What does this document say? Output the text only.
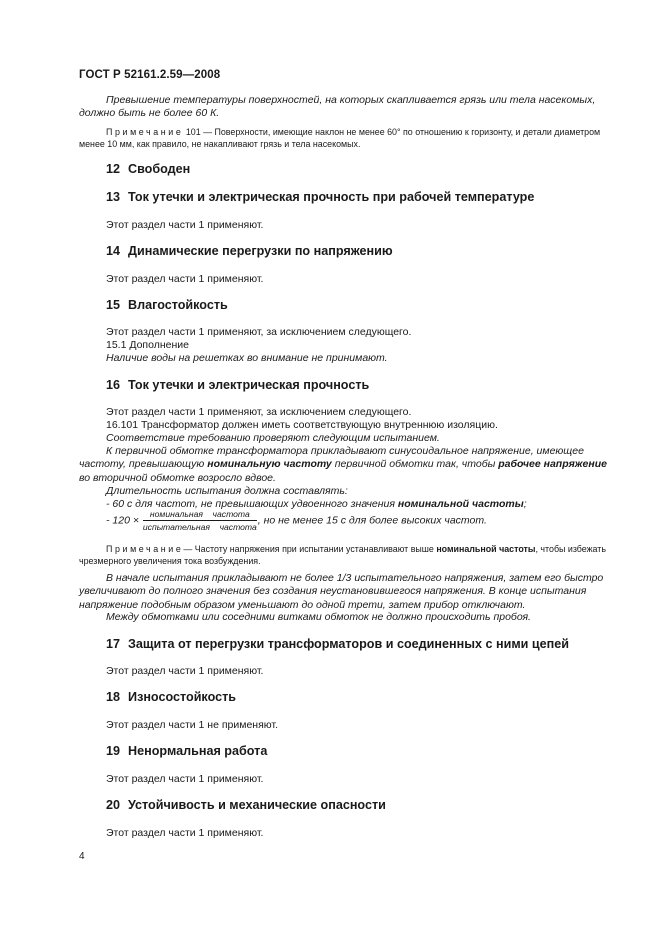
ГОСТ Р 52161.2.59—2008
Превышение температуры поверхностей, на которых скапливается грязь или тела насекомых, должно быть не более 60 К.
Примечание 101 — Поверхности, имеющие наклон не менее 60° по отношению к горизонту, и детали диаметром менее 10 мм, как правило, не накапливают грязь и тела насекомых.
12 Свободен
13 Ток утечки и электрическая прочность при рабочей температуре
Этот раздел части 1 применяют.
14 Динамические перегрузки по напряжению
Этот раздел части 1 применяют.
15 Влагостойкость
Этот раздел части 1 применяют, за исключением следующего.
15.1 Дополнение
Наличие воды на решетках во внимание не принимают.
16 Ток утечки и электрическая прочность
Этот раздел части 1 применяют, за исключением следующего.
16.101 Трансформатор должен иметь соответствующую внутреннюю изоляцию.
Соответствие требованию проверяют следующим испытанием.
К первичной обмотке трансформатора прикладывают синусоидальное напряжение, имеющее частоту, превышающую номинальную частоту первичной обмотки так, чтобы рабочее напряжение во вторичной обмотке возросло вдвое.
Длительность испытания должна составлять:
- 60 с для частот, не превышающих удвоенного значения номинальной частоты;
- $120 \times \frac{\text{номинальная частота}}{\text{испытательная частота}}$ , но не менее 15 с для более высоких частот.
Примечание— Частоту напряжения при испытании устанавливают выше номинальной частоты, чтобы избежать чрезмерного увеличения тока возбуждения.
В начале испытания прикладывают не более 1/3 испытательного напряжения, затем его быстро увеличивают до полного значения без создания неустановившегося напряжения. В конце испытания напряжение подобным образом уменьшают до одной трети, затем прибор отключают.
Между обмотками или соседними витками обмоток не должно происходить пробоя.
17 Защита от перегрузки трансформаторов и соединенных с ними цепей
Этот раздел части 1 применяют.
18 Износостойкость
Этот раздел части 1 не применяют.
19 Ненормальная работа
Этот раздел части 1 применяют.
20 Устойчивость и механические опасности
Этот раздел части 1 применяют.
4
